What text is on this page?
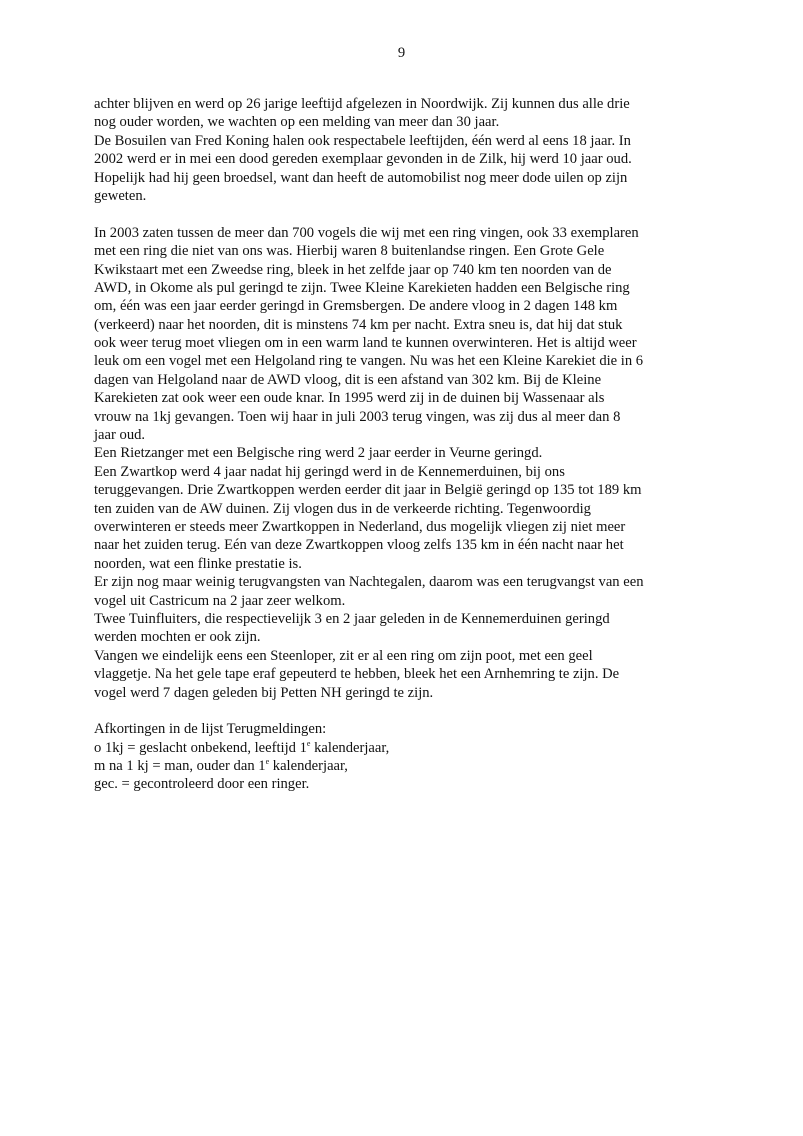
9
achter blijven en werd op 26 jarige leeftijd afgelezen in Noordwijk. Zij kunnen dus alle drie
nog ouder worden, we wachten op een melding van meer dan 30 jaar.
De Bosuilen van Fred Koning halen ook respectabele leeftijden, één werd al eens 18 jaar. In
2002 werd er in mei een dood gereden exemplaar gevonden in de Zilk, hij werd 10 jaar oud.
Hopelijk had hij geen broedsel, want dan heeft de automobilist nog meer dode uilen op zijn
geweten.
In 2003 zaten tussen de meer dan 700 vogels die wij met een ring vingen, ook 33 exemplaren
met een ring die niet van ons was. Hierbij waren 8 buitenlandse ringen. Een Grote Gele
Kwikstaart met een Zweedse ring, bleek in het zelfde jaar op 740 km ten noorden van de
AWD, in Okome als pul geringd te zijn. Twee Kleine Karekieten hadden een Belgische ring
om, één was een jaar eerder geringd in Gremsbergen. De andere vloog in 2 dagen 148 km
(verkeerd) naar het noorden, dit is minstens 74 km per nacht. Extra sneu is, dat hij dat stuk
ook weer terug moet vliegen om in een warm land te kunnen overwinteren. Het is altijd weer
leuk om een vogel met een Helgoland ring te vangen. Nu was het een Kleine Karekiet die in 6
dagen van Helgoland naar de AWD vloog, dit is een afstand van 302 km. Bij de Kleine
Karekieten zat ook weer een oude knar. In 1995 werd zij in de duinen bij Wassenaar als
vrouw na 1kj gevangen. Toen wij haar in juli 2003 terug vingen, was zij dus al meer dan 8
jaar oud.
Een Rietzanger met een Belgische ring werd 2 jaar eerder in Veurne geringd.
Een Zwartkop werd 4 jaar nadat hij geringd werd in de Kennemerduinen, bij ons
teruggevangen. Drie Zwartkoppen werden eerder dit jaar in België geringd op 135 tot 189 km
ten zuiden van de AW duinen. Zij vlogen dus in de verkeerde richting. Tegenwoordig
overwinteren er steeds meer Zwartkoppen in Nederland, dus mogelijk vliegen zij niet meer
naar het zuiden terug. Eén van deze Zwartkoppen vloog zelfs 135 km in één nacht naar het
noorden, wat een flinke prestatie is.
Er zijn nog maar weinig terugvangsten van Nachtegalen, daarom was een terugvangst van een
vogel uit Castricum na 2 jaar zeer welkom.
Twee Tuinfluiters, die respectievelijk 3 en 2 jaar geleden in de Kennemerduinen geringd
werden mochten er ook zijn.
Vangen we eindelijk eens een Steenloper, zit er al een ring om zijn poot, met een geel
vlaggetje. Na het gele tape eraf gepeuterd te hebben, bleek het een Arnhemring te zijn. De
vogel werd 7 dagen geleden bij Petten NH geringd te zijn.
Afkortingen in de lijst Terugmeldingen:
o 1kj = geslacht onbekend, leeftijd 1e kalenderjaar,
m na 1 kj = man, ouder dan 1e kalenderjaar,
gec. = gecontroleerd door een ringer.
